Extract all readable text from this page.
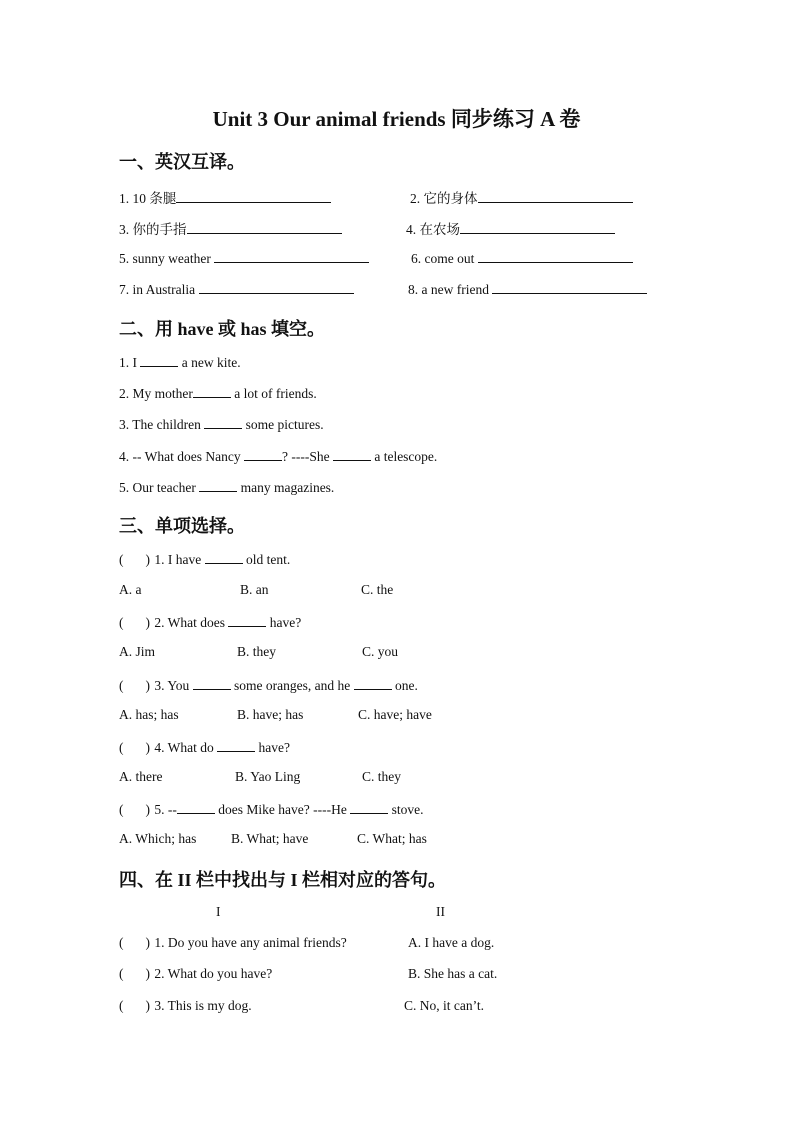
Unit 3 Our animal friends 同步练习 A 卷
一、英汉互译。
1. 10 条腿	2. 它的身体
3. 你的手指	4. 在农场
5. sunny weather	6. come out
7. in Australia	8. a new friend
二、用 have 或 has 填空。
1. I	a new kite.
2. My mother	a lot of friends.
3. The children	some pictures.
4. -- What does Nancy	? ----She	a telescope.
5. Our teacher	many magazines.
三、单项选择。
( ) 1. I have	old tent.
A. a	B. an	C. the
( ) 2. What does	have?
A. Jim	B. they	C. you
( ) 3. You	some oranges, and he	one.
A. has; has	B. have; has	C. have; have
( ) 4. What do	have?
A. there	B. Yao Ling	C. they
( ) 5. --	does Mike have? ----He	stove.
A. Which; has	B. What; have	C. What; has
四、在 II 栏中找出与 I 栏相对应的答句。
I	II
( ) 1. Do you have any animal friends?	A. I have a dog.
( ) 2. What do you have?	B. She has a cat.
( ) 3. This is my dog.	C. No, it can’t.
